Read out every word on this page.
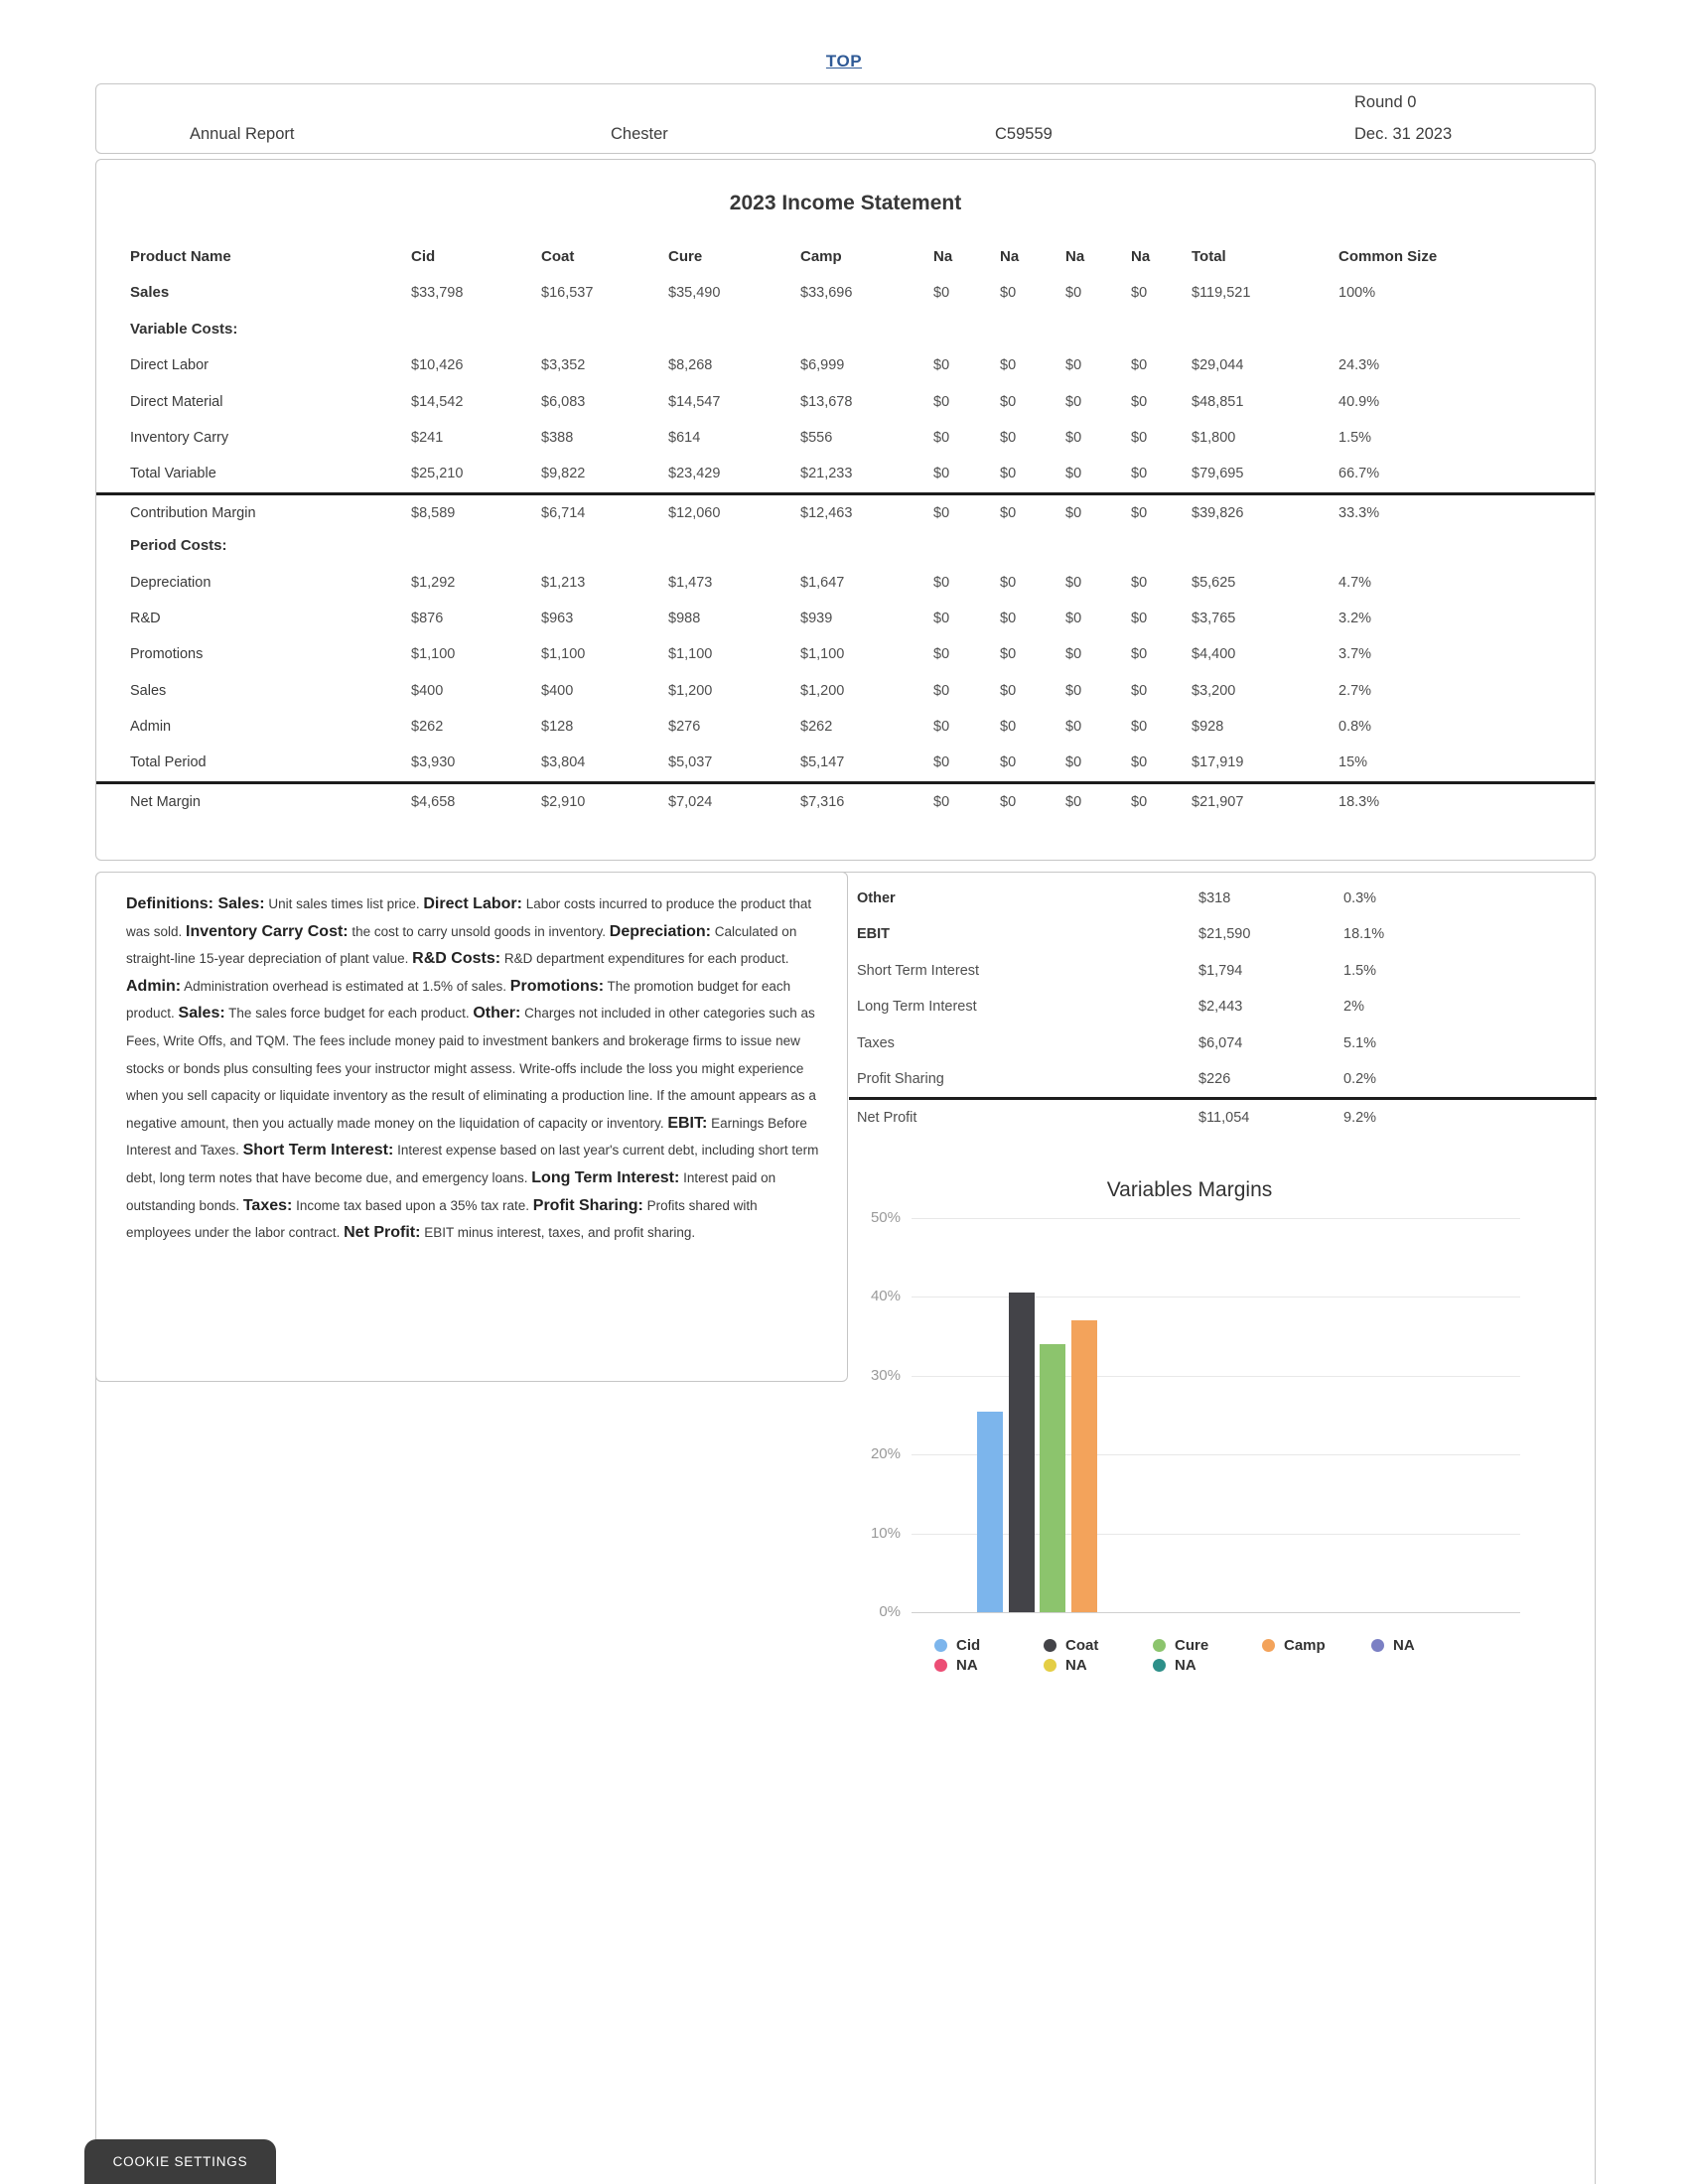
TOP
Annual Report	Chester	C59559
Round 0
Dec. 31 2023
2023 Income Statement
Product Name	Cid	Coat	Cure	Camp	Na	Na	Na	Na	Total	Common Size
Sales	$33,798	$16,537	$35,490	$33,696	$0	$0	$0	$0	$119,521	100%
Variable Costs:
Direct Labor	$10,426	$3,352	$8,268	$6,999	$0	$0	$0	$0	$29,044	24.3%
Direct Material	$14,542	$6,083	$14,547	$13,678	$0	$0	$0	$0	$48,851	40.9%
Inventory Carry	$241	$388	$614	$556	$0	$0	$0	$0	$1,800	1.5%
Total Variable	$25,210	$9,822	$23,429	$21,233	$0	$0	$0	$0	$79,695	66.7%
Contribution Margin	$8,589	$6,714	$12,060	$12,463	$0	$0	$0	$0	$39,826	33.3%
Period Costs:
Depreciation	$1,292	$1,213	$1,473	$1,647	$0	$0	$0	$0	$5,625	4.7%
R&D	$876	$963	$988	$939	$0	$0	$0	$0	$3,765	3.2%
Promotions	$1,100	$1,100	$1,100	$1,100	$0	$0	$0	$0	$4,400	3.7%
Sales	$400	$400	$1,200	$1,200	$0	$0	$0	$0	$3,200	2.7%
Admin	$262	$128	$276	$262	$0	$0	$0	$0	$928	0.8%
Total Period	$3,930	$3,804	$5,037	$5,147	$0	$0	$0	$0	$17,919	15%
Net Margin	$4,658	$2,910	$7,024	$7,316	$0	$0	$0	$0	$21,907	18.3%
Other	$318	0.3%
EBIT	$21,590	18.1%
Short Term Interest	$1,794	1.5%
Long Term Interest	$2,443	2%
Taxes	$6,074	5.1%
Profit Sharing	$226	0.2%
Net Profit	$11,054	9.2%
Variables Margins
0%
10%
20%
30%
40%
50%
Cid	Coat	Cure	Camp	NA
NA	NA	NA
Definitions: Sales: Unit sales times list price. Direct Labor: Labor costs incurred to produce the product that was sold. Inventory Carry Cost: the cost to carry unsold goods in inventory. Depreciation: Calculated on straight-line 15-year depreciation of plant value. R&D Costs: R&D department expenditures for each product. Admin: Administration overhead is estimated at 1.5% of sales. Promotions: The promotion budget for each product. Sales: The sales force budget for each product. Other: Charges not included in other categories such as Fees, Write Offs, and TQM. The fees include money paid to investment bankers and brokerage firms to issue new stocks or bonds plus consulting fees your instructor might assess. Write-offs include the loss you might experience when you sell capacity or liquidate inventory as the result of eliminating a production line. If the amount appears as a negative amount, then you actually made money on the liquidation of capacity or inventory. EBIT: Earnings Before Interest and Taxes. Short Term Interest: Interest expense based on last year's current debt, including short term debt, long term notes that have become due, and emergency loans. Long Term Interest: Interest paid on outstanding bonds. Taxes: Income tax based upon a 35% tax rate. Profit Sharing: Profits shared with employees under the labor contract. Net Profit: EBIT minus interest, taxes, and profit sharing.
COOKIE SETTINGS
